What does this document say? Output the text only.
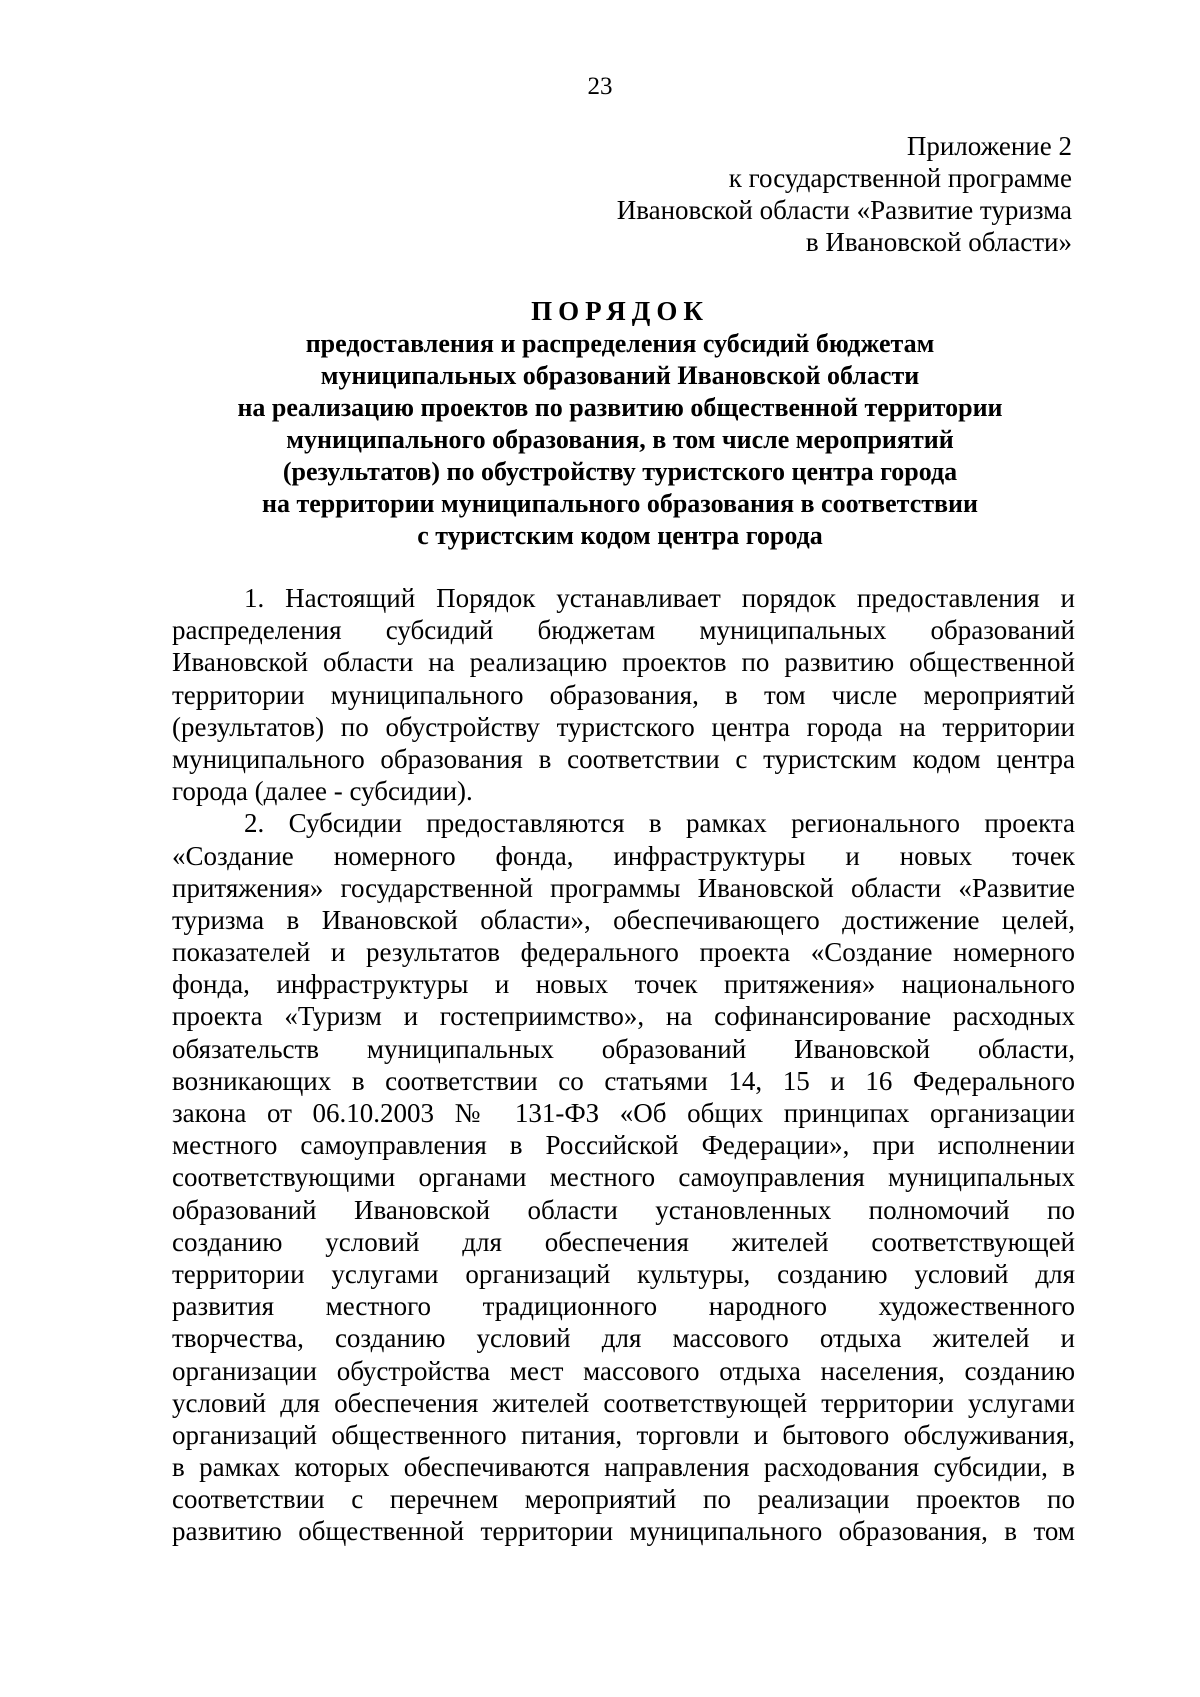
23
Приложение 2
к государственной программе
Ивановской области «Развитие туризма
в Ивановской области»
ПОРЯДОК
предоставления и распределения субсидий бюджетам
муниципальных образований Ивановской области
на реализацию проектов по развитию общественной территории
муниципального образования, в том числе мероприятий
(результатов) по обустройству туристского центра города
на территории муниципального образования в соответствии
с туристским кодом центра города
1. Настоящий Порядок устанавливает порядок предоставления и
распределения субсидий бюджетам муниципальных образований
Ивановской области на реализацию проектов по развитию общественной
территории муниципального образования, в том числе мероприятий
(результатов) по обустройству туристского центра города на территории
муниципального образования в соответствии с туристским кодом центра
города (далее - субсидии).
2. Субсидии предоставляются в рамках регионального проекта
«Создание номерного фонда, инфраструктуры и новых точек
притяжения» государственной программы Ивановской области «Развитие
туризма в Ивановской области», обеспечивающего достижение целей,
показателей и результатов федерального проекта «Создание номерного
фонда, инфраструктуры и новых точек притяжения» национального
проекта «Туризм и гостеприимство», на софинансирование расходных
обязательств муниципальных образований Ивановской области,
возникающих в соответствии со статьями 14, 15 и 16 Федерального
закона от 06.10.2003 № 131-ФЗ «Об общих принципах организации
местного самоуправления в Российской Федерации», при исполнении
соответствующими органами местного самоуправления муниципальных
образований Ивановской области установленных полномочий по
созданию условий для обеспечения жителей соответствующей
территории услугами организаций культуры, созданию условий для
развития местного традиционного народного художественного
творчества, созданию условий для массового отдыха жителей и
организации обустройства мест массового отдыха населения, созданию
условий для обеспечения жителей соответствующей территории услугами
организаций общественного питания, торговли и бытового обслуживания,
в рамках которых обеспечиваются направления расходования субсидии, в
соответствии с перечнем мероприятий по реализации проектов по
развитию общественной территории муниципального образования, в том
